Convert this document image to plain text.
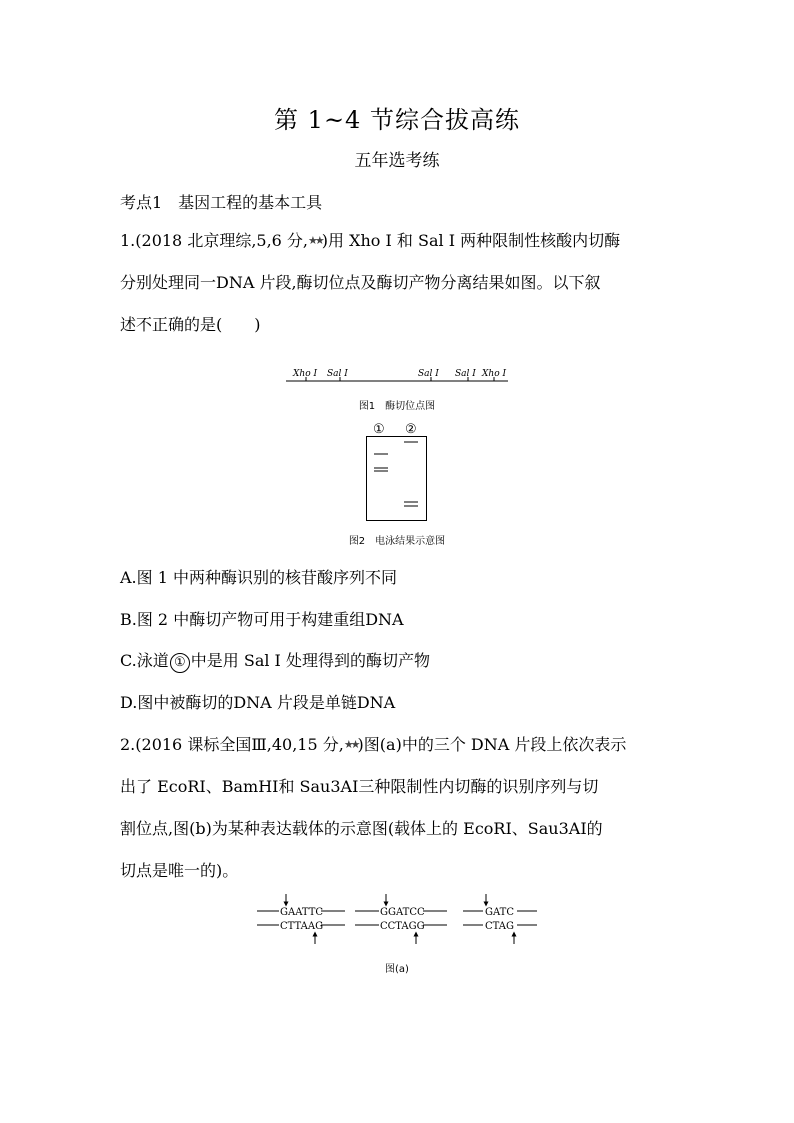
第 1~4 节综合拔高练
五年选考练
考点1　基因工程的基本工具
1.(2018 北京理综,5,6 分,★★)用 Xho Ⅰ 和 Sal Ⅰ 两种限制性核酸内切酶
分别处理同一DNA 片段,酶切位点及酶切产物分离结果如图。以下叙
述不正确的是(　　)
Xho Ⅰ Sal Ⅰ	Sal Ⅰ Sal Ⅰ Xho Ⅰ
图1　酶切位点图
① ②
图2　电泳结果示意图
A.图 1 中两种酶识别的核苷酸序列不同
B.图 2 中酶切产物可用于构建重组DNA
C.泳道 ① 中是用 Sal Ⅰ 处理得到的酶切产物
D.图中被酶切的DNA 片段是单链DNA
2.(2016 课标全国Ⅲ,40,15 分,★★)图(a)中的三个 DNA 片段上依次表示
出了 EcoRⅠ、BamHⅠ和 Sau3AⅠ三种限制性内切酶的识别序列与切
割位点,图(b)为某种表达载体的示意图(载体上的 EcoRⅠ、Sau3AⅠ的
切点是唯一的)。
GAATTC
CTTAAG
GGATCC
CCTAGG
GATC
CTAG
图(a)
